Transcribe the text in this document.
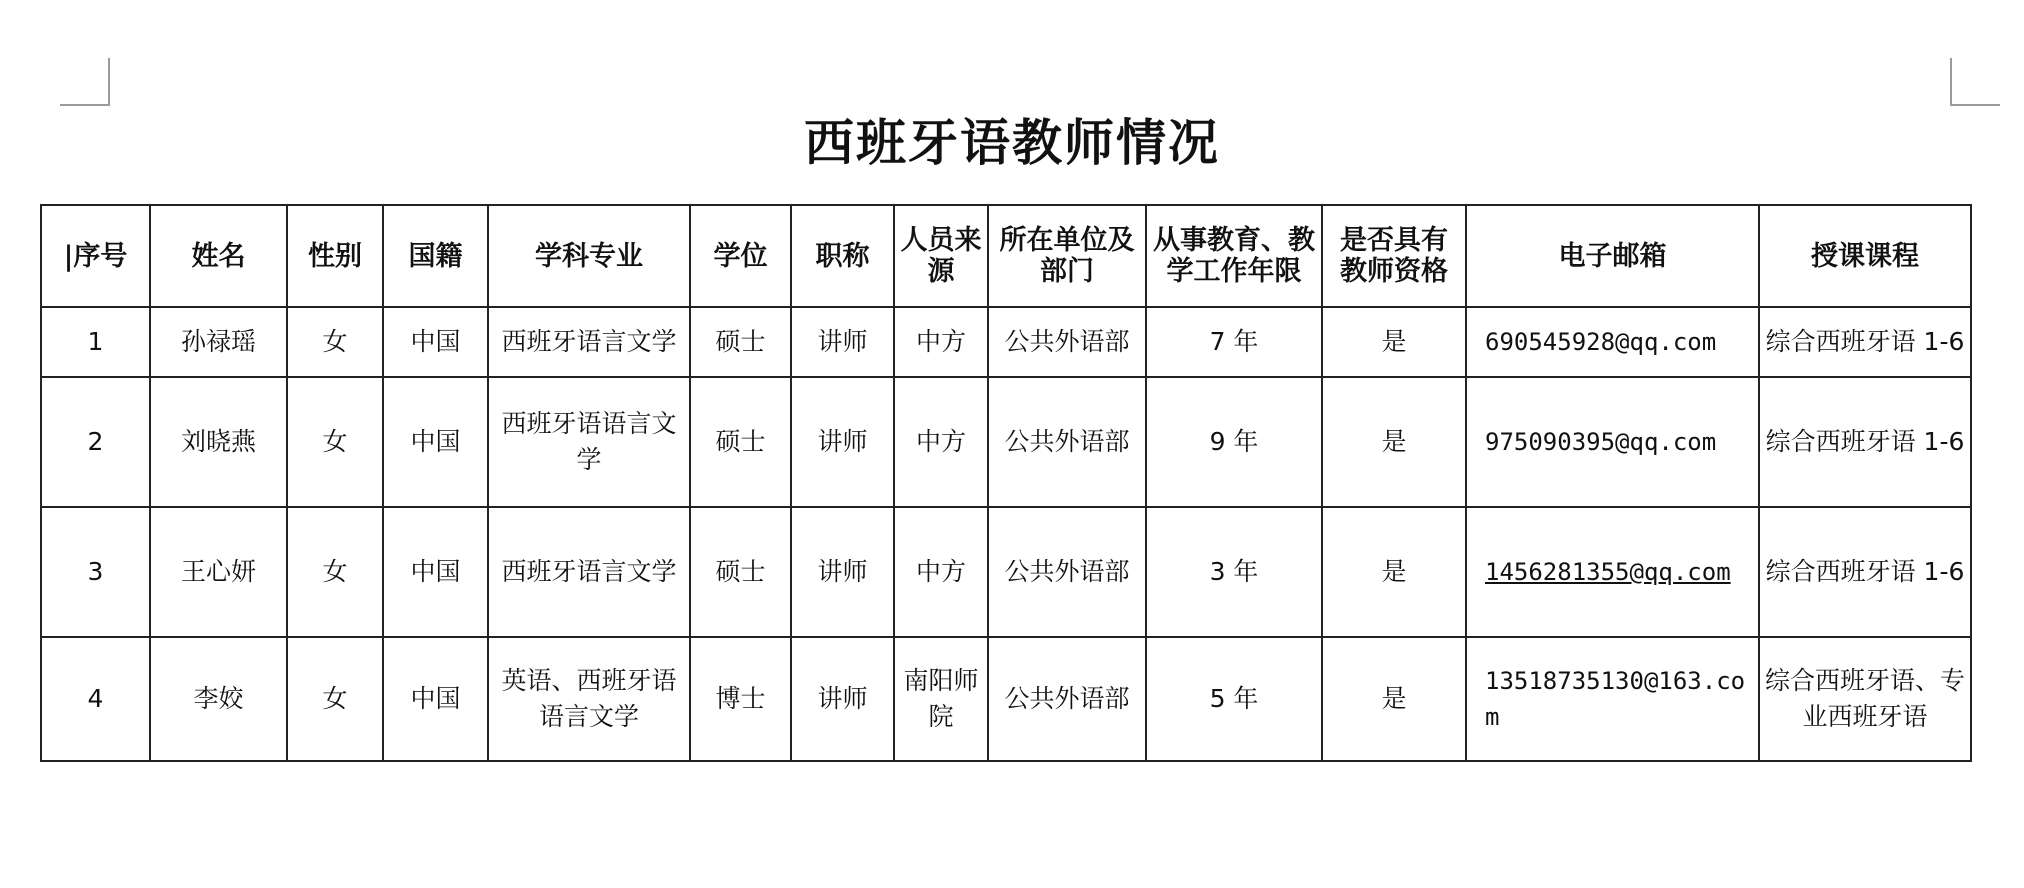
西班牙语教师情况
|序号	姓名	性别	国籍	学科专业	学位	职称	人员来源	所在单位及部门	从事教育、教学工作年限	是否具有教师资格	电子邮箱	授课课程
1	孙禄瑶	女	中国	西班牙语言文学	硕士	讲师	中方	公共外语部	7 年	是	690545928@qq.com	综合西班牙语 1-6
2	刘晓燕	女	中国	西班牙语语言文学	硕士	讲师	中方	公共外语部	9 年	是	975090395@qq.com	综合西班牙语 1-6
3	王心妍	女	中国	西班牙语言文学	硕士	讲师	中方	公共外语部	3 年	是	1456281355@qq.com	综合西班牙语 1-6
4	李姣	女	中国	英语、西班牙语语言文学	博士	讲师	南阳师院	公共外语部	5 年	是	13518735130@163.com	综合西班牙语、专业西班牙语
